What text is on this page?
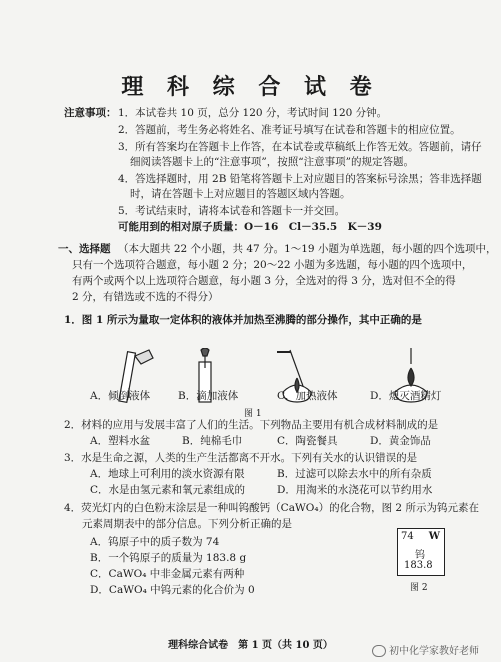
理 科 综 合 试 卷
注意事项： 1．本试卷共 10 页，总分 120 分，考试时间 120 分钟。
2．答题前，考生务必将姓名、准考证号填写在试卷和答题卡的相应位置。
3．所有答案均在答题卡上作答，在本试卷或草稿纸上作答无效。答题前，请仔
细阅读答题卡上的“注意事项”，按照“注意事项”的规定答题。
4．答选择题时，用 2B 铅笔将答题卡上对应题目的答案标号涂黑；答非选择题
时，请在答题卡上对应题目的答题区域内答题。
5．考试结束时，请将本试卷和答题卡一并交回。
可能用到的相对原子质量：O－16　Cl－35.5　K－39
一、选择题 （本大题共 22 个小题，共 47 分。1～19 小题为单选题，每小题的四个选项中，
只有一个选项符合题意，每小题 2 分；20～22 小题为多选题，每小题的四个选项中，
有两个或两个以上选项符合题意，每小题 3 分，全选对的得 3 分，选对但不全的得
2 分，有错选或不选的不得分）
1．图 1 所示为量取一定体积的液体并加热至沸腾的部分操作，其中正确的是
A．倾倒液体	B．滴加液体	C．加热液体	D．熄灭酒精灯
图 1
2．材料的应用与发展丰富了人们的生活。下列物品主要用有机合成材料制成的是
A．塑料水盆	B．纯棉毛巾	C．陶瓷餐具	D．黄金饰品
3．水是生命之源，人类的生产生活都离不开水。下列有关水的认识错误的是
A．地球上可利用的淡水资源有限	B．过滤可以除去水中的所有杂质
C．水是由氢元素和氧元素组成的	D．用淘米的水浇花可以节约用水
4．荧光灯内的白色粉末涂层是一种叫钨酸钙（CaWO₄）的化合物，图 2 所示为钨元素在
元素周期表中的部分信息。下列分析正确的是
A．钨原子中的质子数为 74
B．一个钨原子的质量为 183.8 g
C．CaWO₄ 中非金属元素有两种
D．CaWO₄ 中钨元素的化合价为 0
74 W
钨
183.8
图 2
理科综合试卷　第 1 页（共 10 页）
初中化学家教好老师
